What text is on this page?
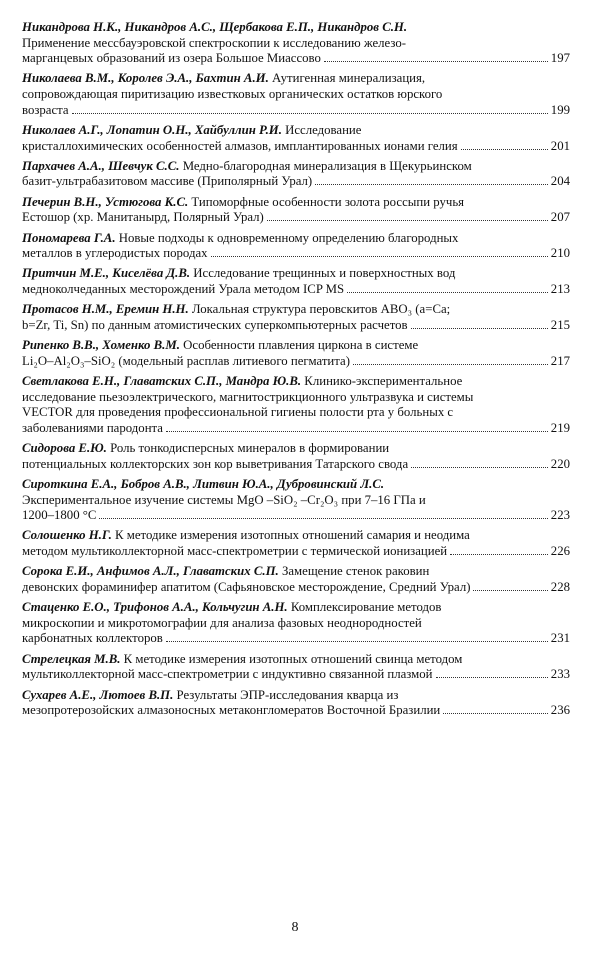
Никандрова Н.К., Никандров А.С., Щербакова Е.П., Никандров С.Н.
Применение мессбауэровской спектроскопии к исследованию железо-
марганцевых образований из озера Большое Миассово	197
Николаева В.М., Королев Э.А., Бахтин А.И. Аутигенная минерализация,
сопровождающая пиритизацию известковых органических остатков юрского
возраста	199
Николаев А.Г., Лопатин О.Н., Хайбуллин Р.И. Исследование
кристаллохимических особенностей алмазов, имплантированных ионами гелия	201
Пархачев А.А., Шевчук С.С. Медно-благородная минерализация в Щекурьинском
базит-ультрабазитовом массиве (Приполярный Урал)	204
Печерин В.Н., Устюгова К.С. Типоморфные особенности золота россыпи ручья
Естошор (хр. Манитанырд, Полярный Урал)	207
Пономарева Г.А. Новые подходы к одновременному определению благородных
металлов в углеродистых породах	210
Притчин М.Е., Киселёва Д.В. Исследование трещинных и поверхностных вод
медноколчеданных месторождений Урала методом ICP MS	213
Протасов Н.М., Еремин Н.Н. Локальная структура перовскитов ABO₃ (a=Ca;
b=Zr, Ti, Sn) по данным атомистических суперкомпьютерных расчетов	215
Рипенко В.В., Хоменко В.М. Особенности плавления циркона в системе
Li₂O–Al₂O₃–SiO₂ (модельный расплав литиевого пегматита)	217
Светлакова Е.Н., Главатских С.П., Мандра Ю.В. Клинико-экспериментальное
исследование пьезоэлектрического, магнитострикционного ультразвука и системы
VECTOR для проведения профессиональной гигиены полости рта у больных с
заболеваниями пародонта	219
Сидорова Е.Ю. Роль тонкодисперсных минералов в формировании
потенциальных коллекторских зон кор выветривания Татарского свода	220
Сироткина Е.А., Бобров А.В., Литвин Ю.А., Дубровинский Л.С.
Экспериментальное изучение системы MgO –SiO₂ –Cr₂O₃ при 7–16 ГПа и
1200–1800 °С	223
Солошенко Н.Г. К методике измерения изотопных отношений самария и неодима
методом мультиколлекторной масс-спектрометрии с термической ионизацией	226
Сорока Е.И., Анфимов А.Л., Главатских С.П. Замещение стенок раковин
девонских фораминифер апатитом (Сафьяновское месторождение, Средний Урал)	228
Стаценко Е.О., Трифонов А.А., Кольчугин А.Н. Комплексирование методов
микроскопии и микротомографии для анализа фазовых неоднородностей
карбонатных коллекторов	231
Стрелецкая М.В. К методике измерения изотопных отношений свинца методом
мультиколлекторной масс-спектрометрии с индуктивно связанной плазмой	233
Сухарев А.Е., Лютоев В.П. Результаты ЭПР-исследования кварца из
мезопротерозойских алмазоносных метаконгломератов Восточной Бразилии	236
8
